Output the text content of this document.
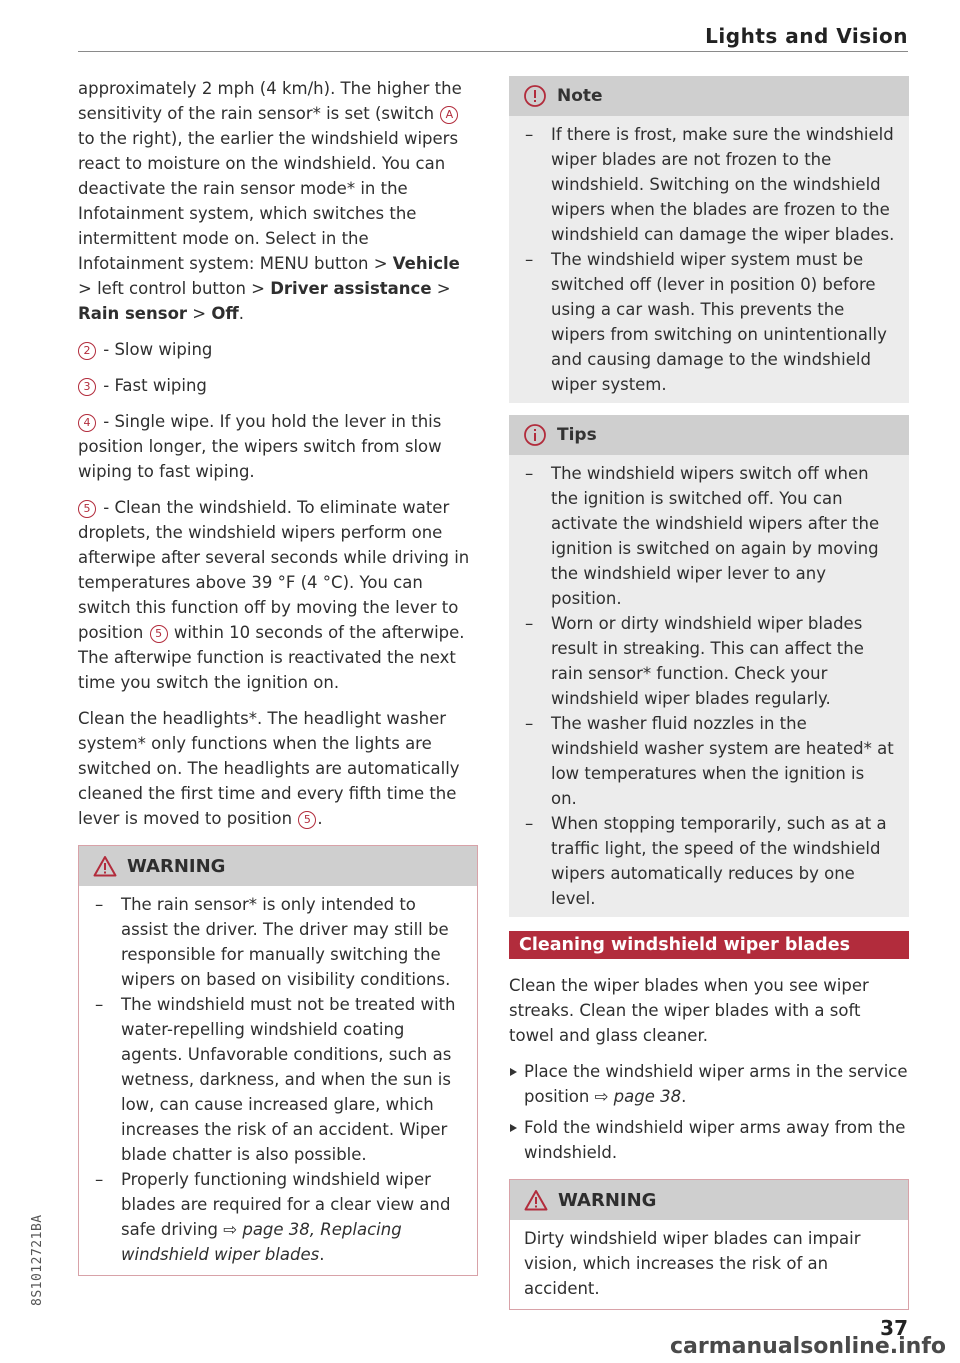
Lights and Vision

approximately 2 mph (4 km/h). The higher the sensitivity of the rain sensor* is set (switch A to the right), the earlier the windshield wipers react to moisture on the windshield. You can deactivate the rain sensor mode* in the Infotainment system, which switches the intermittent mode on. Select in the Infotainment system: MENU button > Vehicle > left control button > Driver assistance > Rain sensor > Off.

2 - Slow wiping

3 - Fast wiping

4 - Single wipe. If you hold the lever in this position longer, the wipers switch from slow wiping to fast wiping.

5 - Clean the windshield. To eliminate water droplets, the windshield wipers perform one afterwipe after several seconds while driving in temperatures above 39 °F (4 °C). You can switch this function off by moving the lever to position 5 within 10 seconds of the afterwipe. The afterwipe function is reactivated the next time you switch the ignition on.

Clean the headlights*. The headlight washer system* only functions when the lights are switched on. The headlights are automatically cleaned the first time and every fifth time the lever is moved to position 5 .

WARNING
– The rain sensor* is only intended to assist the driver. The driver may still be responsible for manually switching the wipers on based on visibility conditions.
– The windshield must not be treated with water-repelling windshield coating agents. Unfavorable conditions, such as wetness, darkness, and when the sun is low, can cause increased glare, which increases the risk of an accident. Wiper blade chatter is also possible.
– Properly functioning windshield wiper blades are required for a clear view and safe driving ⇨ page 38, Replacing windshield wiper blades.
Note
– If there is frost, make sure the windshield wiper blades are not frozen to the windshield. Switching on the windshield wipers when the blades are frozen to the windshield can damage the wiper blades.
– The windshield wiper system must be switched off (lever in position 0) before using a car wash. This prevents the wipers from switching on unintentionally and causing damage to the windshield wiper system.
Tips
– The windshield wipers switch off when the ignition is switched off. You can activate the windshield wipers after the ignition is switched on again by moving the windshield wiper lever to any position.
– Worn or dirty windshield wiper blades result in streaking. This can affect the rain sensor* function. Check your windshield wiper blades regularly.
– The washer fluid nozzles in the windshield washer system are heated* at low temperatures when the ignition is on.
– When stopping temporarily, such as at a traffic light, the speed of the windshield wipers automatically reduces by one level.
Cleaning windshield wiper blades

Clean the wiper blades when you see wiper streaks. Clean the wiper blades with a soft towel and glass cleaner.

Place the windshield wiper arms in the service position ⇨ page 38.
Fold the windshield wiper arms away from the windshield.
WARNING
Dirty windshield wiper blades can impair vision, which increases the risk of an accident.
8S1012721BA
37
carmanualsonline.info
